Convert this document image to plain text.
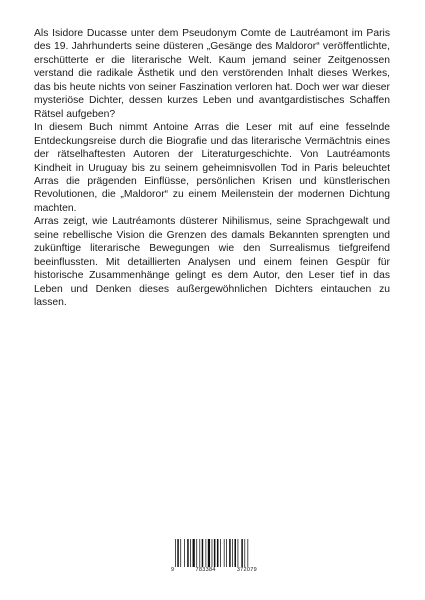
Als Isidore Ducasse unter dem Pseudonym Comte de Lautréamont im Paris des 19. Jahrhunderts seine düsteren „Gesänge des Maldoror“ veröffentlichte, erschütterte er die literarische Welt. Kaum jemand seiner Zeitgenossen verstand die radikale Ästhetik und den verstörenden Inhalt dieses Werkes, das bis heute nichts von seiner Faszination verloren hat. Doch wer war dieser mysteriöse Dichter, dessen kurzes Leben und avantgardistisches Schaffen Rätsel aufgeben?

In diesem Buch nimmt Antoine Arras die Leser mit auf eine fesselnde Entdeckungsreise durch die Biografie und das literarische Vermächtnis eines der rätselhaftesten Autoren der Literaturgeschichte. Von Lautréamonts Kindheit in Uruguay bis zu seinem geheimnisvollen Tod in Paris beleuchtet Arras die prägenden Einflüsse, persönlichen Krisen und künstlerischen Revolutionen, die „Maldoror“ zu einem Meilenstein der modernen Dichtung machten.

Arras zeigt, wie Lautréamonts düsterer Nihilismus, seine Sprachgewalt und seine rebellische Vision die Grenzen des damals Bekannten sprengten und zukünftige literarische Bewegungen wie den Surrealismus tiefgreifend beeinflussten. Mit detaillierten Analysen und einem feinen Gespür für historische Zusammenhänge gelingt es dem Autor, den Leser tief in das Leben und Denken dieses außergewöhnlichen Dichters eintauchen zu lassen.

9	783384	372079
